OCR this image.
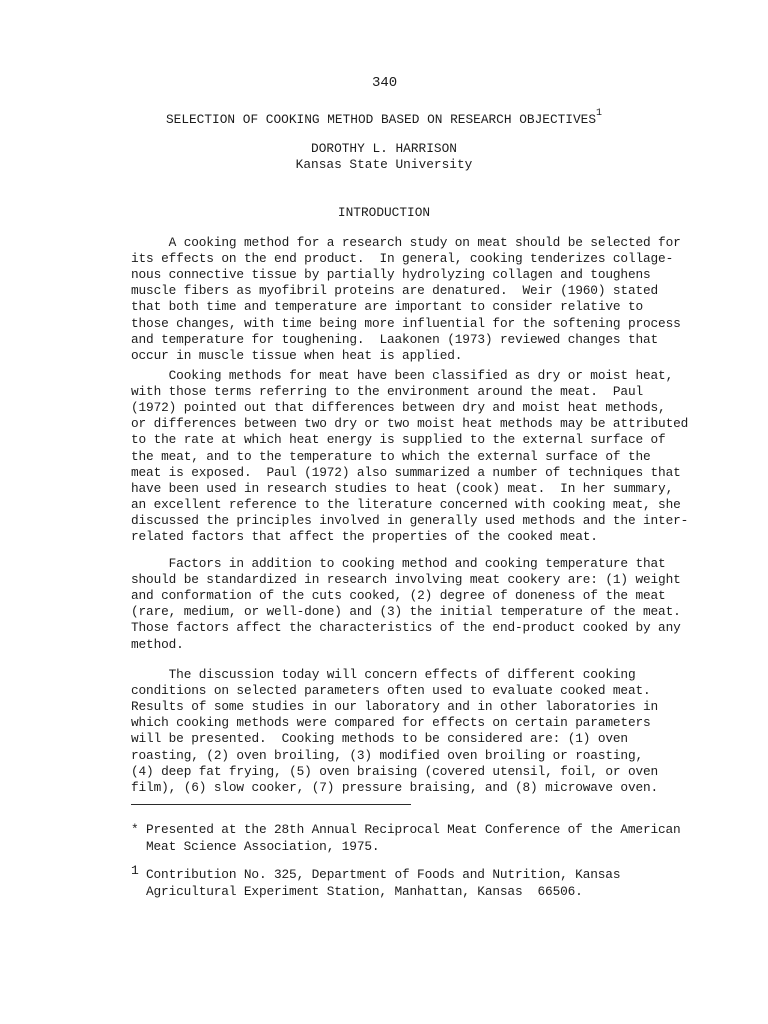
340
SELECTION OF COOKING METHOD BASED ON RESEARCH OBJECTIVES$^1$
DOROTHY L. HARRISON
Kansas State University
INTRODUCTION
A cooking method for a research study on meat should be selected for
its effects on the end product.  In general, cooking tenderizes collage-
nous connective tissue by partially hydrolyzing collagen and toughens
muscle fibers as myofibril proteins are denatured.  Weir (1960) stated
that both time and temperature are important to consider relative to
those changes, with time being more influential for the softening process
and temperature for toughening.  Laakonen (1973) reviewed changes that
occur in muscle tissue when heat is applied.
Cooking methods for meat have been classified as dry or moist heat,
with those terms referring to the environment around the meat.  Paul
(1972) pointed out that differences between dry and moist heat methods,
or differences between two dry or two moist heat methods may be attributed
to the rate at which heat energy is supplied to the external surface of
the meat, and to the temperature to which the external surface of the
meat is exposed.  Paul (1972) also summarized a number of techniques that
have been used in research studies to heat (cook) meat.  In her summary,
an excellent reference to the literature concerned with cooking meat, she
discussed the principles involved in generally used methods and the inter-
related factors that affect the properties of the cooked meat.
Factors in addition to cooking method and cooking temperature that
should be standardized in research involving meat cookery are: (1) weight
and conformation of the cuts cooked, (2) degree of doneness of the meat
(rare, medium, or well-done) and (3) the initial temperature of the meat.
Those factors affect the characteristics of the end-product cooked by any
method.
The discussion today will concern effects of different cooking
conditions on selected parameters often used to evaluate cooked meat.
Results of some studies in our laboratory and in other laboratories in
which cooking methods were compared for effects on certain parameters
will be presented.  Cooking methods to be considered are: (1) oven
roasting, (2) oven broiling, (3) modified oven broiling or roasting,
(4) deep fat frying, (5) oven braising (covered utensil, foil, or oven
film), (6) slow cooker, (7) pressure braising, and (8) microwave oven.
* Presented at the 28th Annual Reciprocal Meat Conference of the American
Meat Science Association, 1975.
1 Contribution No. 325, Department of Foods and Nutrition, Kansas
Agricultural Experiment Station, Manhattan, Kansas  66506.
